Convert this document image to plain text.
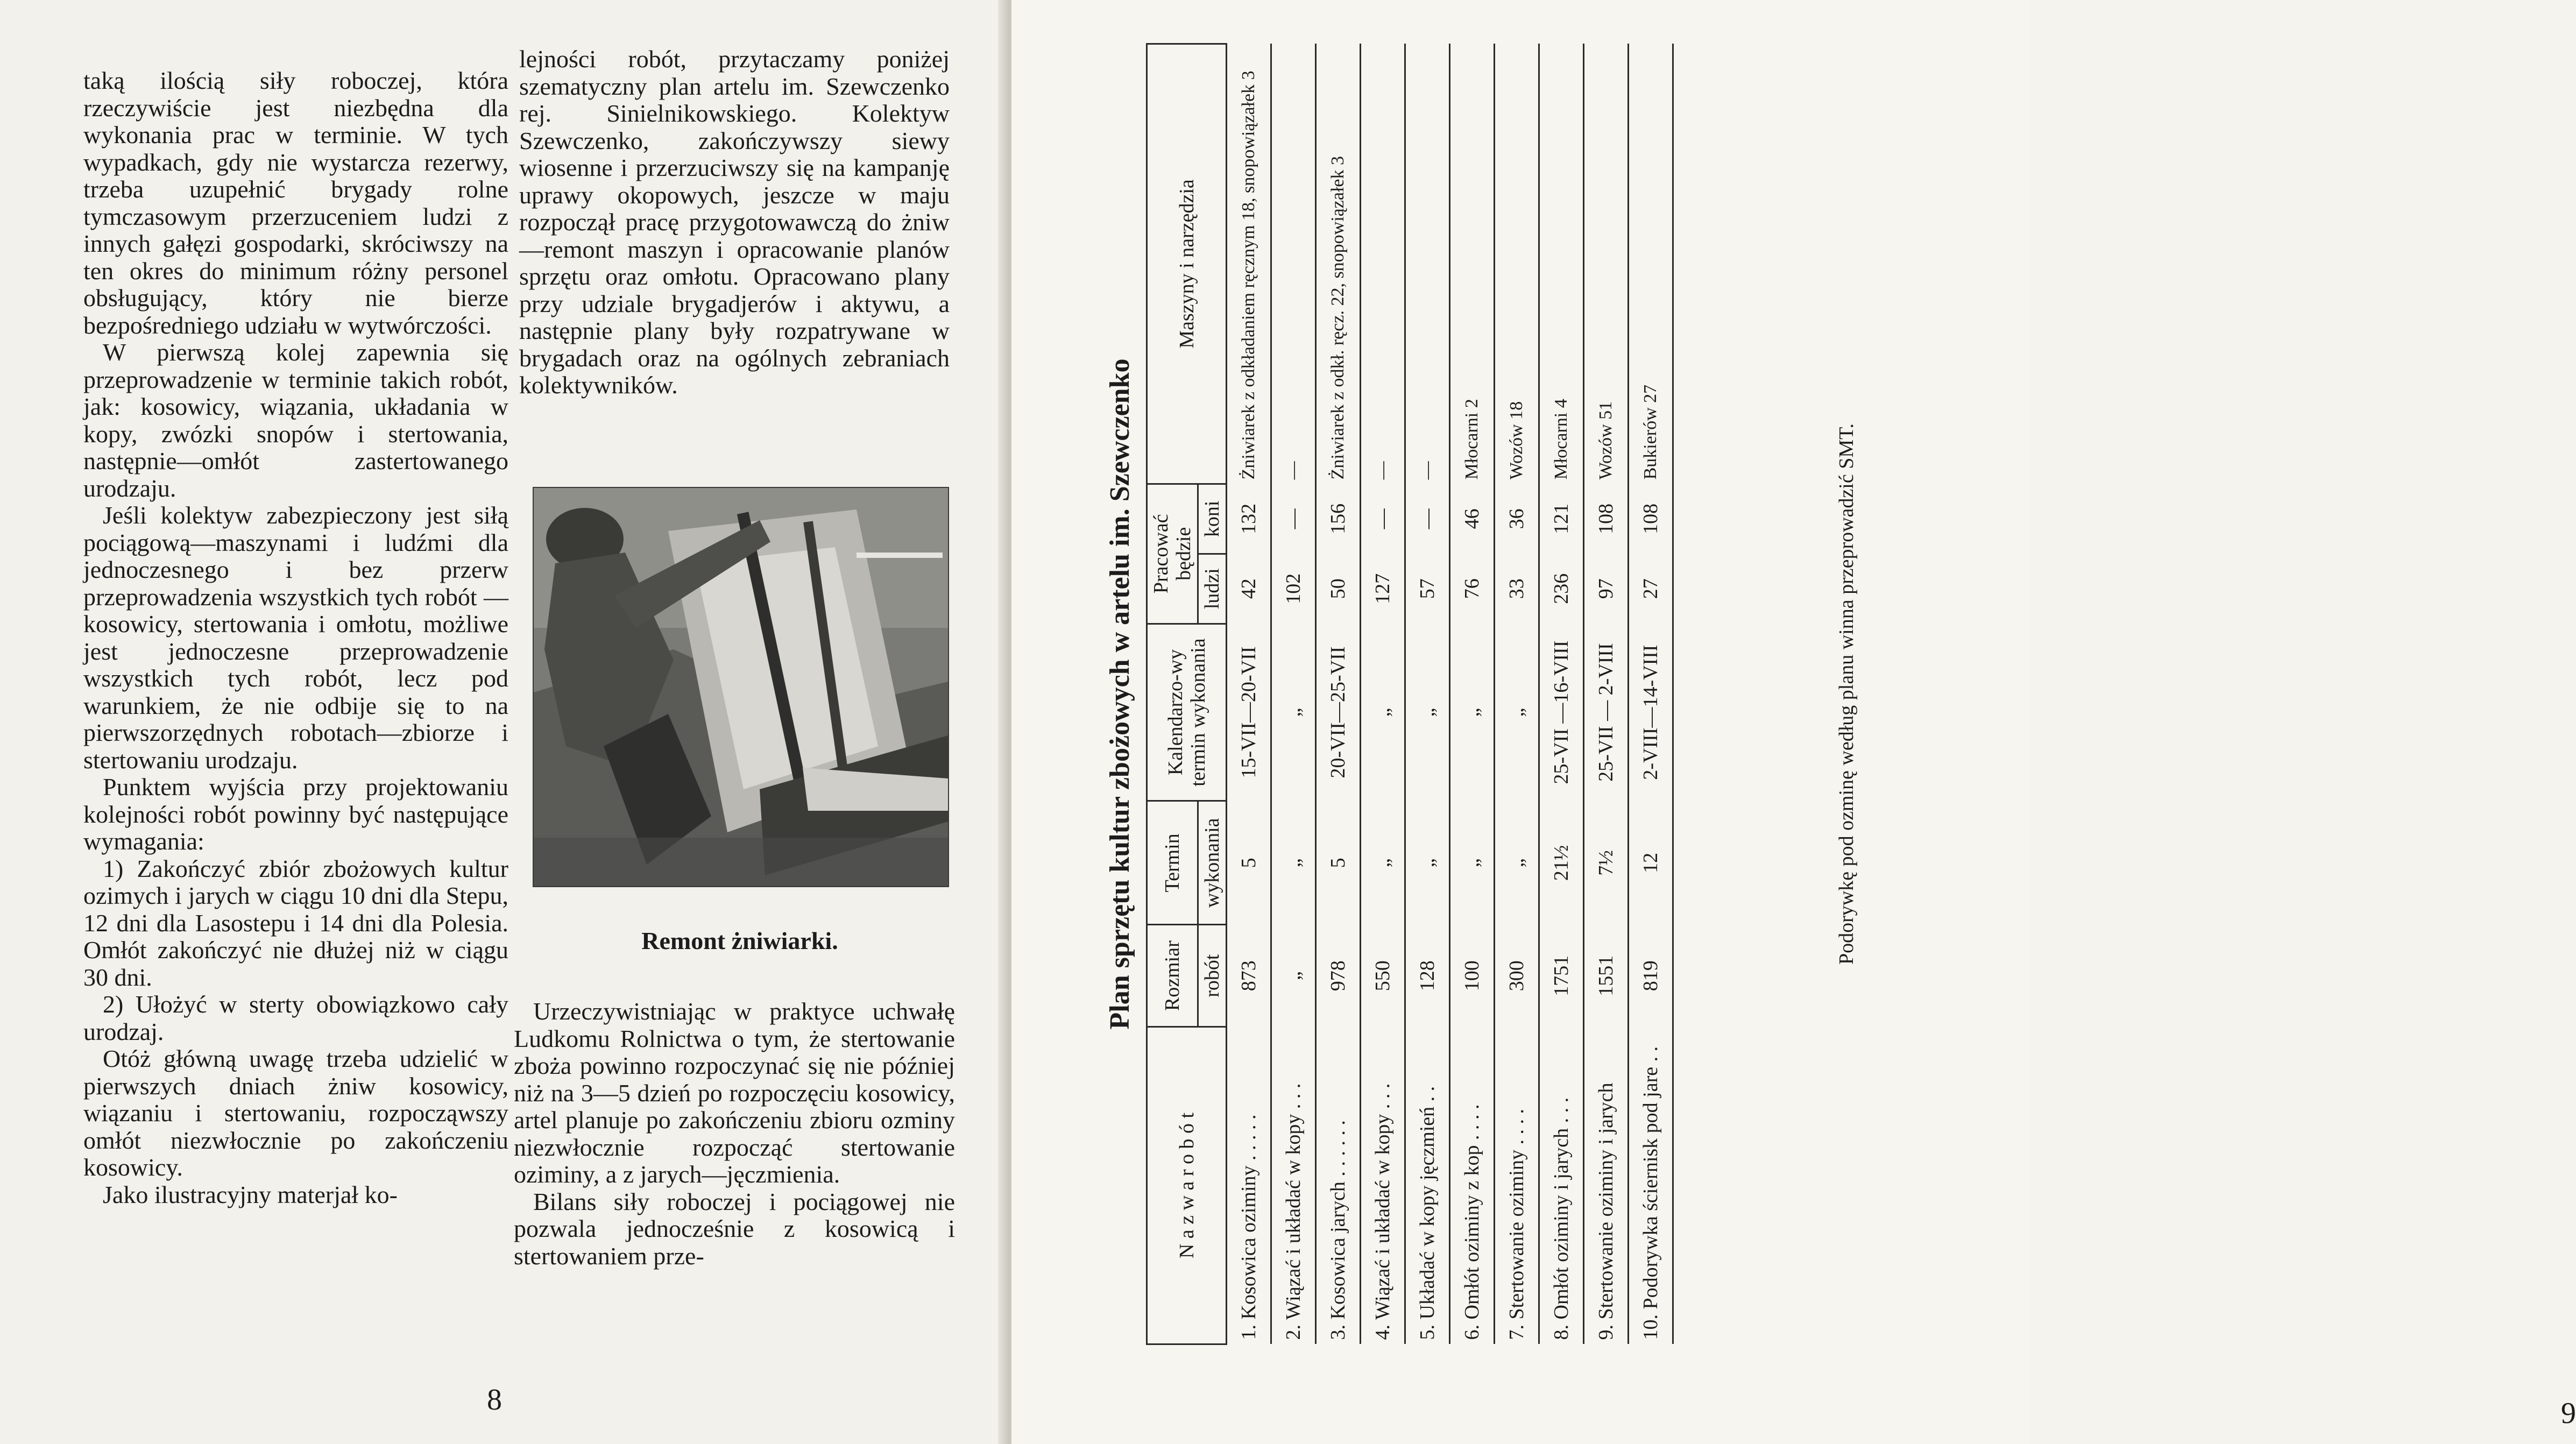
taką ilością siły roboczej, która rzeczywiście jest niezbędna dla wykonania prac w terminie. W tych wypadkach, gdy nie wystarcza rezerwy, trzeba uzupełnić brygady rolne tymczasowym przerzuceniem ludzi z innych gałęzi gospodarki, skróciwszy na ten okres do minimum różny personel obsługujący, który nie bierze bezpośredniego udziału w wytwórczości.

W pierwszą kolej zapewnia się przeprowadzenie w terminie takich robót, jak: kosowicy, wiązania, układania w kopy, zwózki snopów i stertowania, następnie—omłót zastertowanego urodzaju.

Jeśli kolektyw zabezpieczony jest siłą pociągową—maszynami i ludźmi dla jednoczesnego i bez przerw przeprowadzenia wszystkich tych robót — kosowicy, stertowania i omłotu, możliwe jest jednoczesne przeprowadzenie wszystkich tych robót, lecz pod warunkiem, że nie odbije się to na pierwszorzędnych robotach—zbiorze i stertowaniu urodzaju.

Punktem wyjścia przy projektowaniu kolejności robót powinny być następujące wymagania:

1) Zakończyć zbiór zbożowych kultur ozimych i jarych w ciągu 10 dni dla Stepu, 12 dni dla Lasostepu i 14 dni dla Polesia. Omłót zakończyć nie dłużej niż w ciągu 30 dni.

2) Ułożyć w sterty obowiązkowo cały urodzaj.

Otóż główną uwagę trzeba udzielić w pierwszych dniach żniw kosowicy, wiązaniu i stertowaniu, rozpocząwszy omłót niezwłocznie po zakończeniu kosowicy.

Jako ilustracyjny materjał ko-

lejności robót, przytaczamy poniżej szematyczny plan artelu im. Szewczenko rej. Sinielnikowskiego. Kolektyw Szewczenko, zakończywszy siewy wiosenne i przerzuciwszy się na kampanję uprawy okopowych, jeszcze w maju rozpoczął pracę przygotowawczą do żniw—remont maszyn i opracowanie planów sprzętu oraz omłotu. Opracowano plany przy udziale brygadjerów i aktywu, a następnie plany były rozpatrywane w brygadach oraz na ogólnych zebraniach kolektywników.

Remont żniwiarki.

Urzeczywistniając w praktyce uchwałę Ludkomu Rolnictwa o tym, że stertowanie zboża powinno rozpoczynać się nie później niż na 3—5 dzień po rozpoczęciu kosowicy, artel planuje po zakończeniu zbioru ozminy niezwłocznie rozpocząć stertowanie oziminy, a z jarych—jęczmienia.

Bilans siły roboczej i pociągowej nie pozwala jednocześnie z kosowicą i stertowaniem prze-

8	9
Plan sprzętu kultur zbożowych w artelu im. Szewczenko
N a z w a r o b ó t	Rozmiar	Termin	Kalendarzo-wy termin wykonania	Pracować będzie		Maszyny i narzędzia
	robót	wykonania		ludzi	koni	
1. Kosowica oziminy . . . . .	873	5	15-VII—20-VII	42	132	Żniwiarek z odkładaniem ręcznym 18, snopowiązałek 3
2. Wiązać i układać w kopy . . .	„	„	„	102	—	—
3. Kosowica jarych . . . . . .	978	5	20-VII—25-VII	50	156	Żniwiarek z odkł. ręcz. 22, snopowiązałek 3
4. Wiązać i układać w kopy . . .	550	„	„	127	—	—
5. Układać w kopy jęczmień . .	128	„	„	57	—	—
6. Omłót oziminy z kop . . . .	100	„	„	76	46	Młocarni 2
7. Stertowanie oziminy . . . .	300	„	„	33	36	Wozów 18
8. Omłót oziminy i jarych . . .	1751	21½	25-VII —16-VIII	236	121	Młocarni 4
9. Stertowanie oziminy i jarych	1551	7½	25-VII — 2-VIII	97	108	Wozów 51
10. Podorywka ściernisk pod jare . .	819	12	2-VIII—14-VIII	27	108	Bukierów 27	Podorywkę pod ozminę według planu winna przeprowadzić SMT.
